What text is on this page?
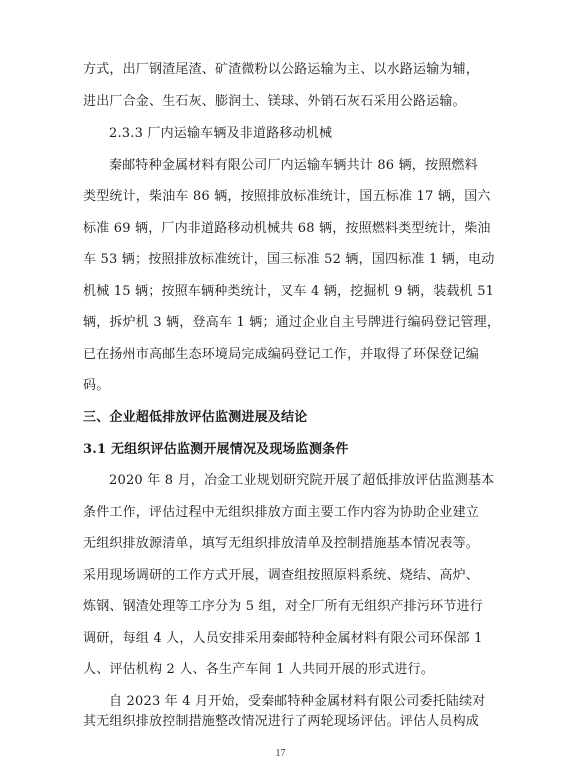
方式，出厂钢渣尾渣、矿渣微粉以公路运输为主、以水路运输为辅，
进出厂合金、生石灰、膨润土、镁球、外销石灰石采用公路运输。
2.3.3 厂内运输车辆及非道路移动机械
秦邮特种金属材料有限公司厂内运输车辆共计 86 辆，按照燃料
类型统计，柴油车 86 辆，按照排放标准统计，国五标准 17 辆，国六
标准 69 辆，厂内非道路移动机械共 68 辆，按照燃料类型统计，柴油
车 53 辆；按照排放标准统计，国三标准 52 辆，国四标准 1 辆，电动
机械 15 辆；按照车辆种类统计，叉车 4 辆，挖掘机 9 辆，装载机 51
辆，拆炉机 3 辆，登高车 1 辆；通过企业自主号牌进行编码登记管理，
已在扬州市高邮生态环境局完成编码登记工作，并取得了环保登记编
码。
三、企业超低排放评估监测进展及结论
3.1 无组织评估监测开展情况及现场监测条件
2020 年 8 月，冶金工业规划研究院开展了超低排放评估监测基本
条件工作，评估过程中无组织排放方面主要工作内容为协助企业建立
无组织排放源清单，填写无组织排放清单及控制措施基本情况表等。
采用现场调研的工作方式开展，调查组按照原料系统、烧结、高炉、
炼钢、钢渣处理等工序分为 5 组，对全厂所有无组织产排污环节进行
调研，每组 4 人，人员安排采用秦邮特种金属材料有限公司环保部 1
人、评估机构 2 人、各生产车间 1 人共同开展的形式进行。
自 2023 年 4 月开始，受秦邮特种金属材料有限公司委托陆续对
其无组织排放控制措施整改情况进行了两轮现场评估。评估人员构成
17
